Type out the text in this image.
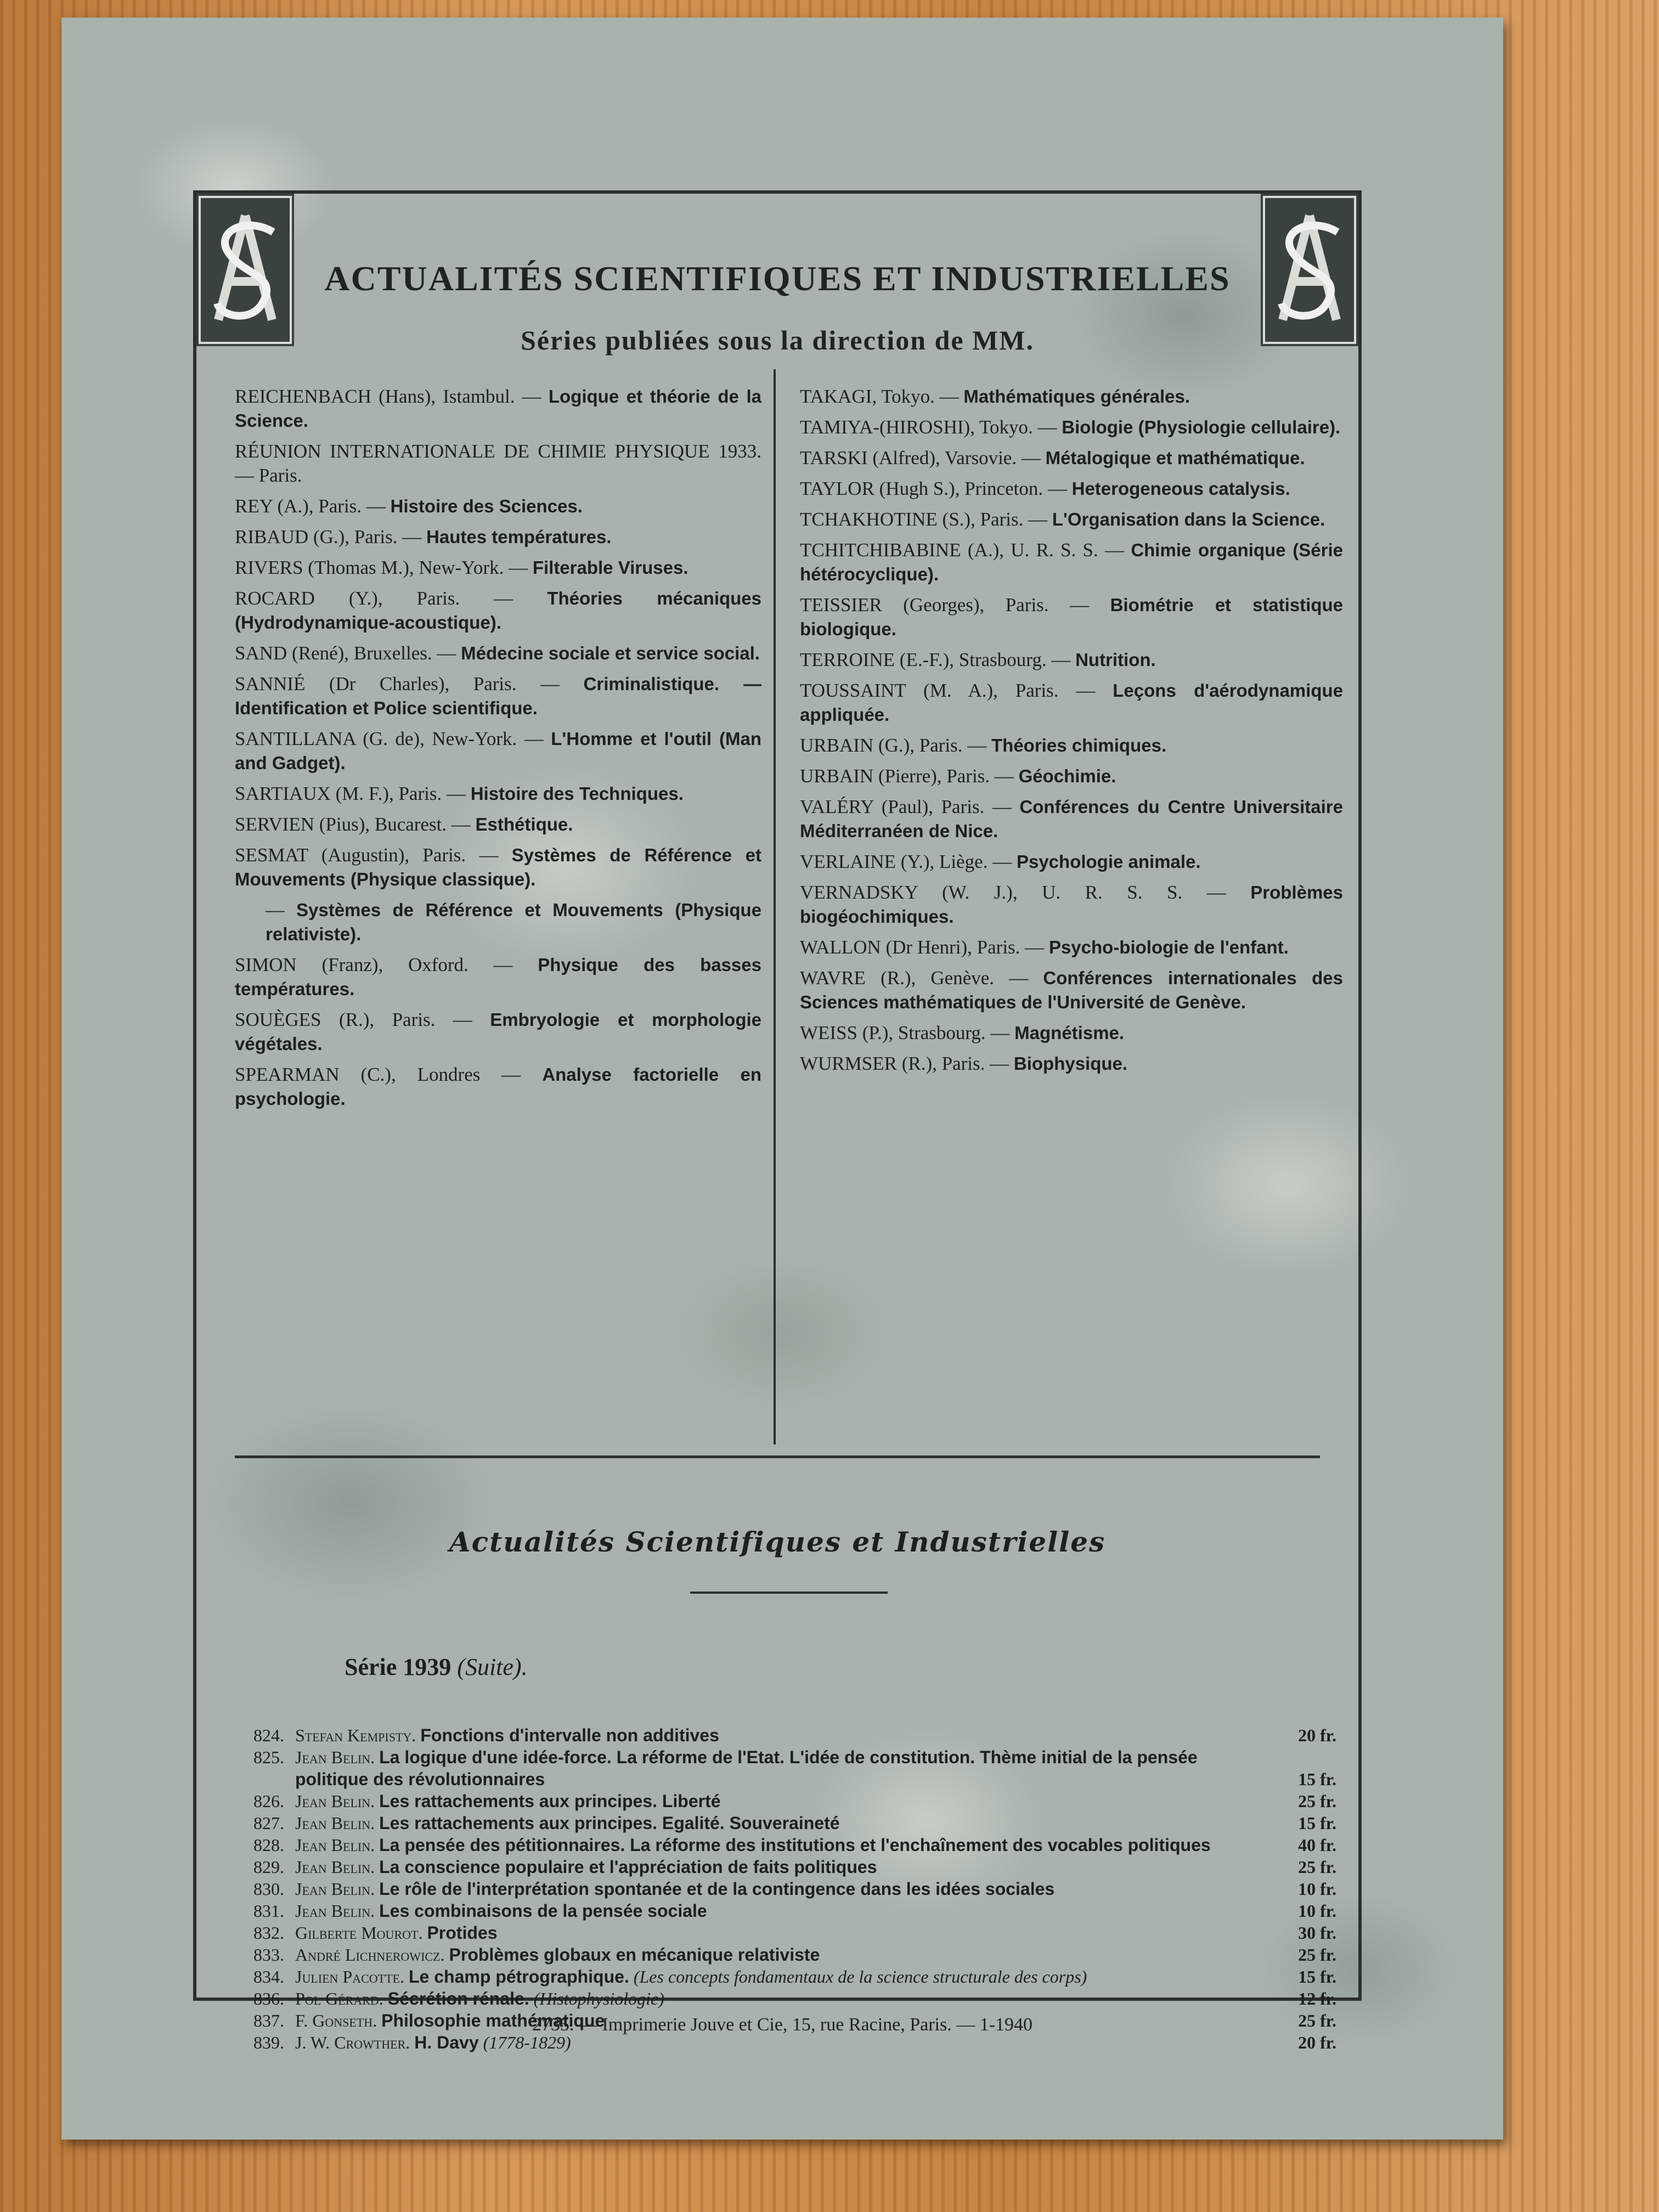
ACTUALITÉS SCIENTIFIQUES ET INDUSTRIELLES
Séries publiées sous la direction de MM.
REICHENBACH (Hans), Istambul. — Logique et théorie de la Science.
RÉUNION INTERNATIONALE DE CHIMIE PHYSIQUE 1933. — Paris.
REY (A.), Paris. — Histoire des Sciences.
RIBAUD (G.), Paris. — Hautes températures.
RIVERS (Thomas M.), New-York. — Filterable Viruses.
ROCARD (Y.), Paris. — Théories mécaniques (Hydrodynamique-acoustique).
SAND (René), Bruxelles. — Médecine sociale et service social.
SANNIÉ (Dr Charles), Paris. — Criminalistique. — Identification et Police scientifique.
SANTILLANA (G. de), New-York. — L'Homme et l'outil (Man and Gadget).
SARTIAUX (M. F.), Paris. — Histoire des Techniques.
SERVIEN (Pius), Bucarest. — Esthétique.
SESMAT (Augustin), Paris. — Systèmes de Référence et Mouvements (Physique classique).
— Systèmes de Référence et Mouvements (Physique relativiste).
SIMON (Franz), Oxford. — Physique des basses températures.
SOUÈGES (R.), Paris. — Embryologie et morphologie végétales.
SPEARMAN (C.), Londres — Analyse factorielle en psychologie.
TAKAGI, Tokyo. — Mathématiques générales.
TAMIYA-(HIROSHI), Tokyo. — Biologie (Physiologie cellulaire).
TARSKI (Alfred), Varsovie. — Métalogique et mathématique.
TAYLOR (Hugh S.), Princeton. — Heterogeneous catalysis.
TCHAKHOTINE (S.), Paris. — L'Organisation dans la Science.
TCHITCHIBABINE (A.), U. R. S. S. — Chimie organique (Série hétérocyclique).
TEISSIER (Georges), Paris. — Biométrie et statistique biologique.
TERROINE (E.-F.), Strasbourg. — Nutrition.
TOUSSAINT (M. A.), Paris. — Leçons d'aérodynamique appliquée.
URBAIN (G.), Paris. — Théories chimiques.
URBAIN (Pierre), Paris. — Géochimie.
VALÉRY (Paul), Paris. — Conférences du Centre Universitaire Méditerranéen de Nice.
VERLAINE (Y.), Liège. — Psychologie animale.
VERNADSKY (W. J.), U. R. S. S. — Problèmes biogéochimiques.
WALLON (Dr Henri), Paris. — Psycho-biologie de l'enfant.
WAVRE (R.), Genève. — Conférences internationales des Sciences mathématiques de l'Université de Genève.
WEISS (P.), Strasbourg. — Magnétisme.
WURMSER (R.), Paris. — Biophysique.
Actualités Scientifiques et Industrielles
Série 1939 (Suite).
824. Stefan Kempisty. Fonctions d'intervalle non additives	20 fr.
825. Jean Belin. La logique d'une idée-force. La réforme de l'Etat. L'idée de constitution. Thème initial de la pensée politique des révolutionnaires	15 fr.
826. Jean Belin. Les rattachements aux principes. Liberté	25 fr.
827. Jean Belin. Les rattachements aux principes. Egalité. Souveraineté	15 fr.
828. Jean Belin. La pensée des pétitionnaires. La réforme des institutions et l'enchaînement des vocables politiques	40 fr.
829. Jean Belin. La conscience populaire et l'appréciation de faits politiques	25 fr.
830. Jean Belin. Le rôle de l'interprétation spontanée et de la contingence dans les idées sociales	10 fr.
831. Jean Belin. Les combinaisons de la pensée sociale	10 fr.
832. Gilberte Mourot. Protides	30 fr.
833. André Lichnerowicz. Problèmes globaux en mécanique relativiste	25 fr.
834. Julien Pacotte. Le champ pétrographique. (Les concepts fondamentaux de la science structurale des corps)	15 fr.
836. Pol Gérard. Sécrétion rénale. (Histophysiologie)	12 fr.
837. F. Gonseth. Philosophie mathématique	25 fr.
839. J. W. Crowther. H. Davy (1778-1829)	20 fr.
2735. — Imprimerie Jouve et Cie, 15, rue Racine, Paris. — 1-1940
